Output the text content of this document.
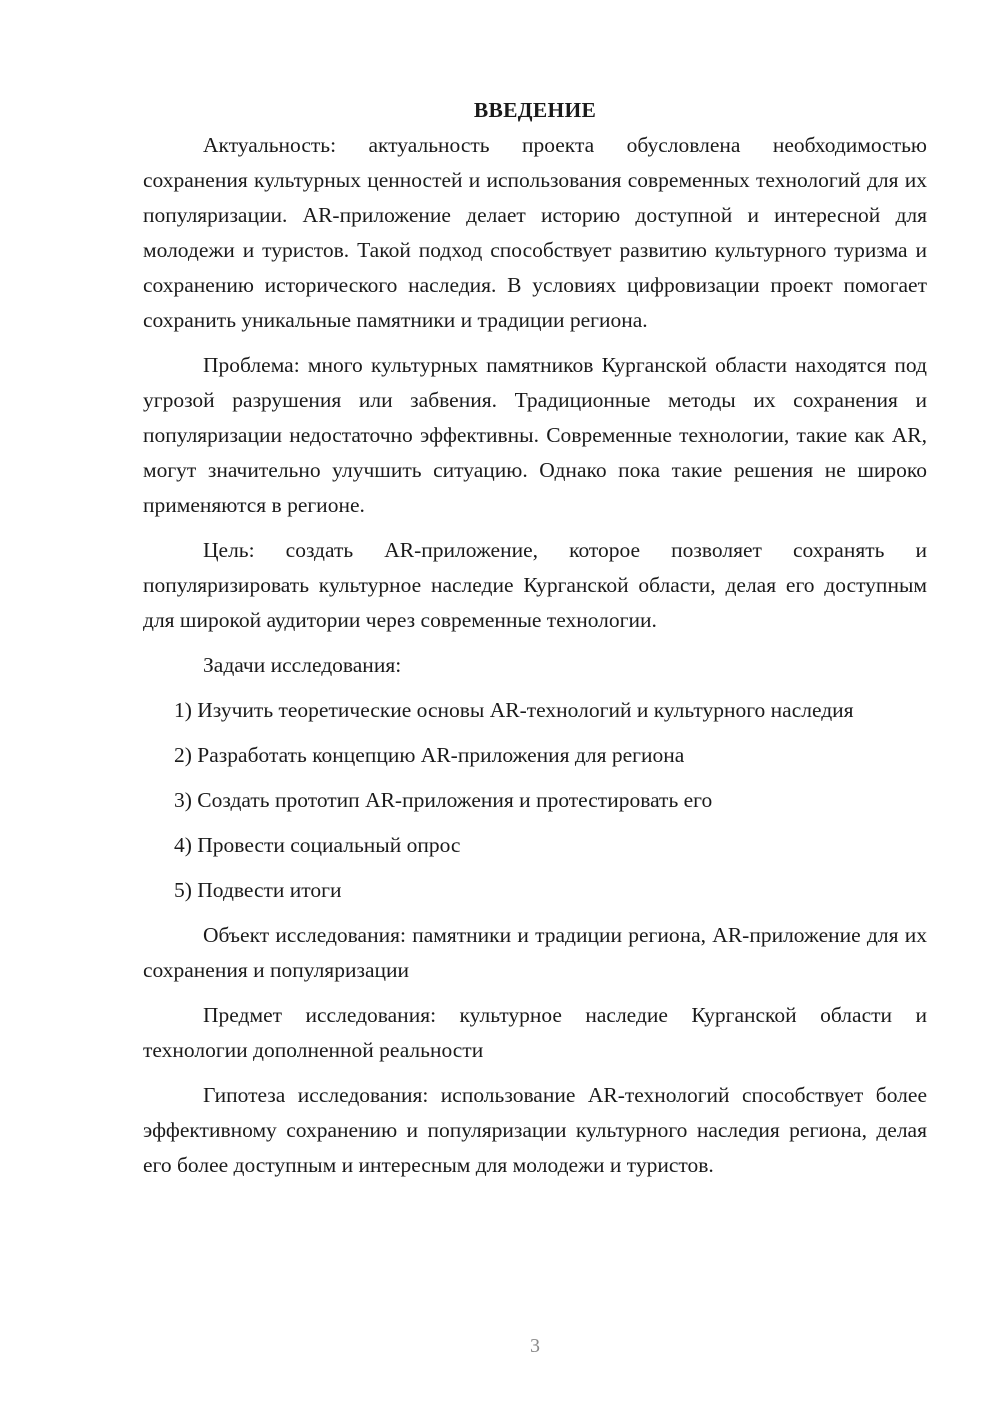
ВВЕДЕНИЕ

Актуальность: актуальность проекта обусловлена необходимостью сохранения культурных ценностей и использования современных технологий для их популяризации. AR-приложение делает историю доступной и интересной для молодежи и туристов. Такой подход способствует развитию культурного туризма и сохранению исторического наследия. В условиях цифровизации проект помогает сохранить уникальные памятники и традиции региона.

Проблема: много культурных памятников Курганской области находятся под угрозой разрушения или забвения. Традиционные методы их сохранения и популяризации недостаточно эффективны. Современные технологии, такие как AR, могут значительно улучшить ситуацию. Однако пока такие решения не широко применяются в регионе.

Цель: создать AR-приложение, которое позволяет сохранять и популяризировать культурное наследие Курганской области, делая его доступным для широкой аудитории через современные технологии.

Задачи исследования:

1) Изучить теоретические основы AR-технологий и культурного наследия

2) Разработать концепцию AR-приложения для региона

3) Создать прототип AR-приложения и протестировать его

4) Провести социальный опрос

5) Подвести итоги

Объект исследования: памятники и традиции региона, AR-приложение для их сохранения и популяризации

Предмет исследования: культурное наследие Курганской области и технологии дополненной реальности

Гипотеза исследования: использование AR-технологий способствует более эффективному сохранению и популяризации культурного наследия региона, делая его более доступным и интересным для молодежи и туристов.

3
